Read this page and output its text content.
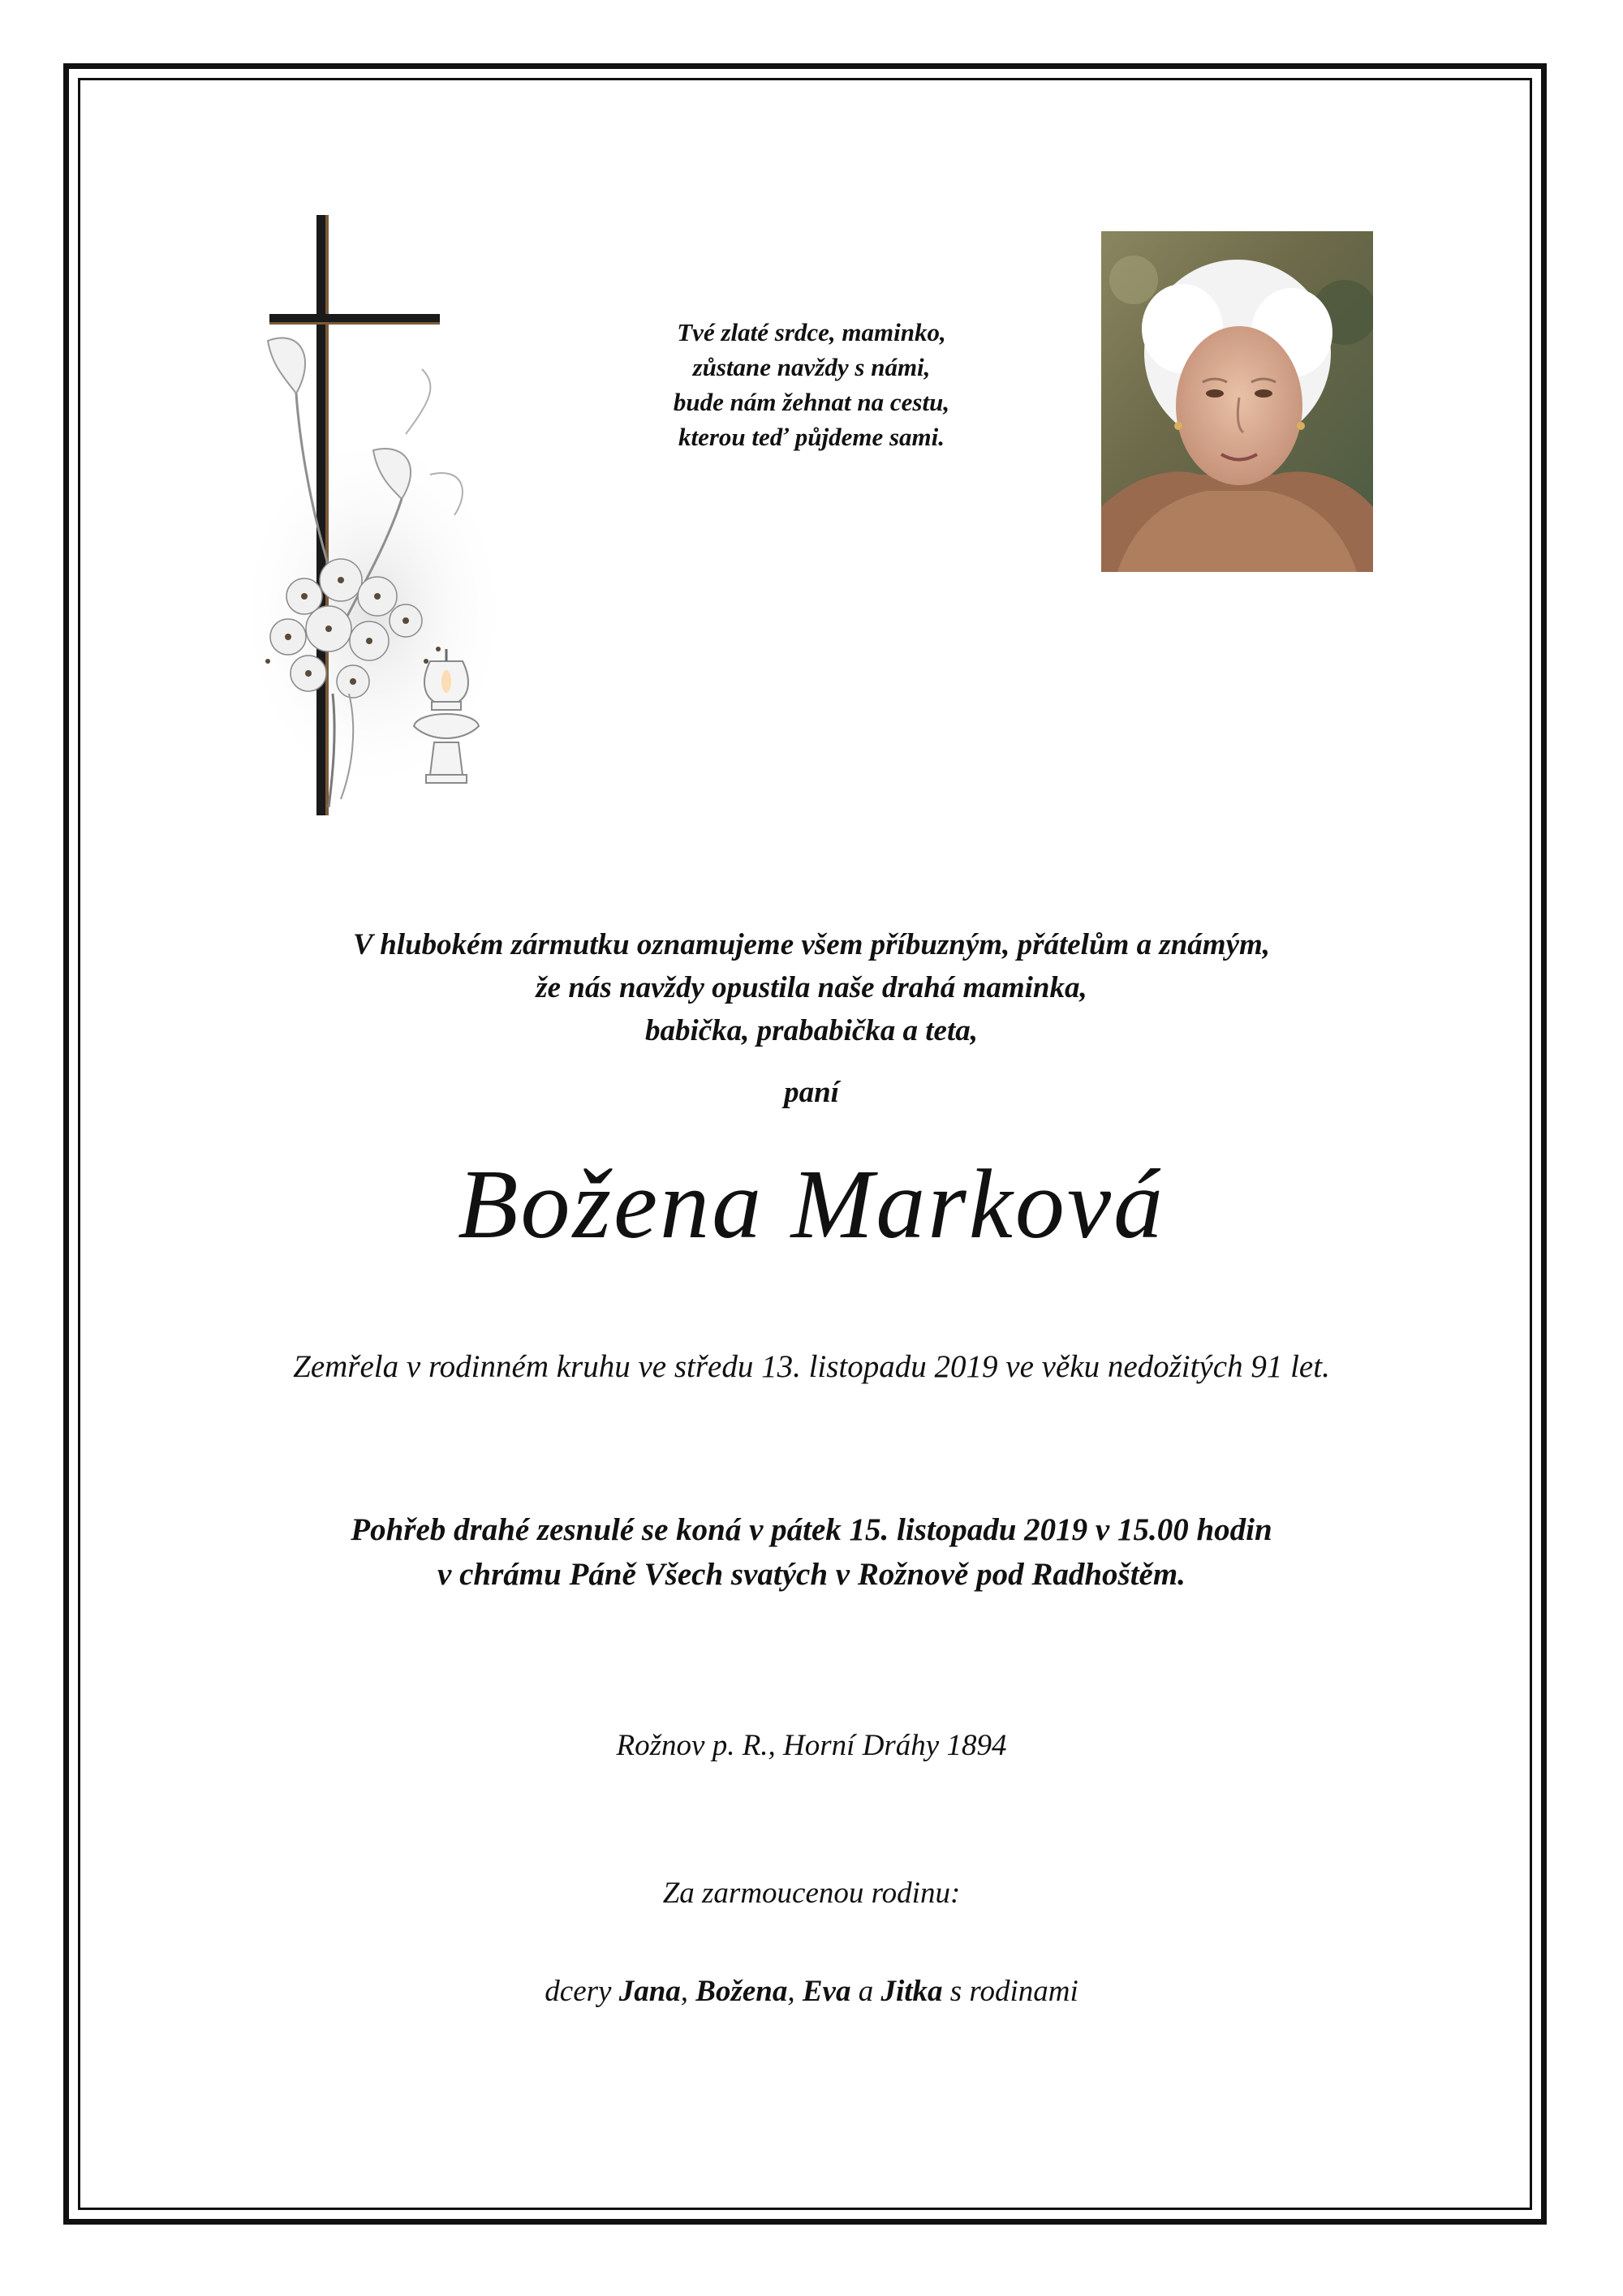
Tvé zlaté srdce, maminko,
zůstane navždy s námi,
bude nám žehnat na cestu,
kterou teď půjdeme sami.
V hlubokém zármutku oznamujeme všem příbuzným, přátelům a známým,
že nás navždy opustila naše drahá maminka,
babička, prababička a teta,
paní
Božena Marková
Zemřela v rodinném kruhu ve středu 13. listopadu 2019 ve věku nedožitých 91 let.
Pohřeb drahé zesnulé se koná v pátek 15. listopadu 2019 v 15.00 hodin
v chrámu Páně Všech svatých v Rožnově pod Radhoštěm.
Rožnov p. R., Horní Dráhy 1894
Za zarmoucenou rodinu:
dcery Jana, Božena, Eva a Jitka s rodinami
